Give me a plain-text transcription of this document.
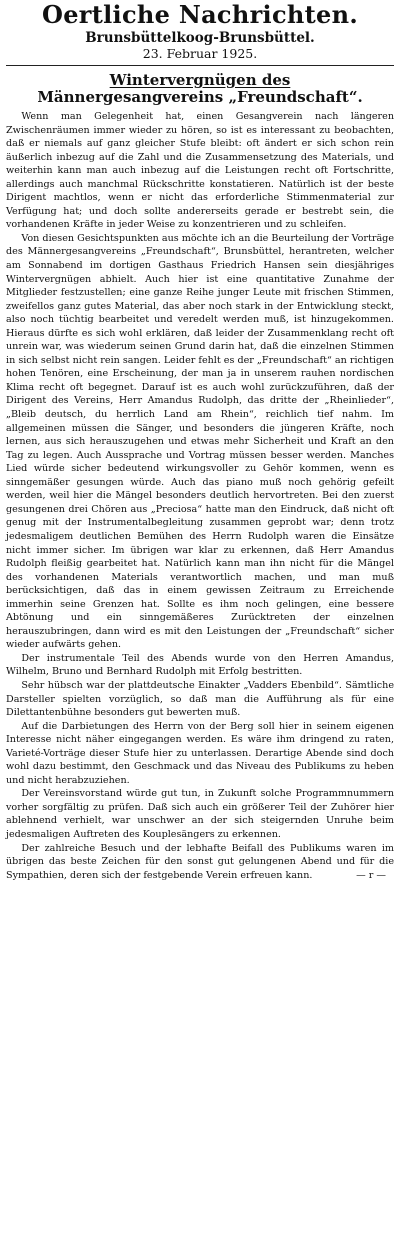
Oertliche Nachrichten.
Brunsbüttelkoog-Brunsbüttel.
23. Februar 1925.
Wintervergnügen des
Männergesangvereins „Freundschaft“.

Wenn man Gelegenheit hat, einen Gesangverein nach längeren Zwischenräumen immer wieder zu hören, so ist es interessant zu beobachten, daß er niemals auf ganz gleicher Stufe bleibt: oft ändert er sich schon rein äußerlich inbezug auf die Zahl und die Zusammensetzung des Materials, und weiterhin kann man auch inbezug auf die Leistungen recht oft Fortschritte, allerdings auch manchmal Rückschritte konstatieren. Natürlich ist der beste Dirigent machtlos, wenn er nicht das erforderliche Stimmenmaterial zur Verfügung hat; und doch sollte andererseits gerade er bestrebt sein, die vorhandenen Kräfte in jeder Weise zu konzentrieren und zu schleifen.

Von diesen Gesichtspunkten aus möchte ich an die Beurteilung der Vorträge des Männergesangvereins „Freundschaft“, Brunsbüttel, herantreten, welcher am Sonnabend im dortigen Gasthaus Friedrich Hansen sein diesjähriges Wintervergnügen abhielt. Auch hier ist eine quantitative Zunahme der Mitglieder festzustellen; eine ganze Reihe junger Leute mit frischen Stimmen, zweifellos ganz gutes Material, das aber noch stark in der Entwicklung steckt, also noch tüchtig bearbeitet und veredelt werden muß, ist hinzugekommen. Hieraus dürfte es sich wohl erklären, daß leider der Zusammenklang recht oft unrein war, was wiederum seinen Grund darin hat, daß die einzelnen Stimmen in sich selbst nicht rein sangen. Leider fehlt es der „Freundschaft“ an richtigen hohen Tenören, eine Erscheinung, der man ja in unserem rauhen nordischen Klima recht oft begegnet. Darauf ist es auch wohl zurückzuführen, daß der Dirigent des Vereins, Herr Amandus Rudolph, das dritte der „Rheinlieder“, „Bleib deutsch, du herrlich Land am Rhein“, reichlich tief nahm. Im allgemeinen müssen die Sänger, und besonders die jüngeren Kräfte, noch lernen, aus sich herauszugehen und etwas mehr Sicherheit und Kraft an den Tag zu legen. Auch Aussprache und Vortrag müssen besser werden. Manches Lied würde sicher bedeutend wirkungsvoller zu Gehör kommen, wenn es sinngemäßer gesungen würde. Auch das piano muß noch gehörig gefeilt werden, weil hier die Mängel besonders deutlich hervortreten. Bei den zuerst gesungenen drei Chören aus „Preciosa“ hatte man den Eindruck, daß nicht oft genug mit der Instrumentalbegleitung zusammen geprobt war; denn trotz jedesmaligem deutlichen Bemühen des Herrn Rudolph waren die Einsätze nicht immer sicher. Im übrigen war klar zu erkennen, daß Herr Amandus Rudolph fleißig gearbeitet hat. Natürlich kann man ihn nicht für die Mängel des vorhandenen Materials verantwortlich machen, und man muß berücksichtigen, daß das in einem gewissen Zeitraum zu Erreichende immerhin seine Grenzen hat. Sollte es ihm noch gelingen, eine bessere Abtönung und ein sinngemäßeres Zurücktreten der einzelnen herauszubringen, dann wird es mit den Leistungen der „Freundschaft“ sicher wieder aufwärts gehen.

Der instrumentale Teil des Abends wurde von den Herren Amandus, Wilhelm, Bruno und Bernhard Rudolph mit Erfolg bestritten.

Sehr hübsch war der plattdeutsche Einakter „Vadders Ebenbild“. Sämtliche Darsteller spielten vorzüglich, so daß man die Aufführung als für eine Dilettantenbühne besonders gut bewerten muß.

Auf die Darbietungen des Herrn von der Berg soll hier in seinem eigenen Interesse nicht näher eingegangen werden. Es wäre ihm dringend zu raten, Varieté-Vorträge dieser Stufe hier zu unterlassen. Derartige Abende sind doch wohl dazu bestimmt, den Geschmack und das Niveau des Publikums zu heben und nicht herabzuziehen.

Der Vereinsvorstand würde gut tun, in Zukunft solche Programmnummern vorher sorgfältig zu prüfen. Daß sich auch ein größerer Teil der Zuhörer hier ablehnend verhielt, war unschwer an der sich steigernden Unruhe beim jedesmaligen Auftreten des Kouplesängers zu erkennen.

Der zahlreiche Besuch und der lebhafte Beifall des Publikums waren im übrigen das beste Zeichen für den sonst gut gelungenen Abend und für die Sympathien, deren sich der festgebende Verein erfreuen kann.	— r —
